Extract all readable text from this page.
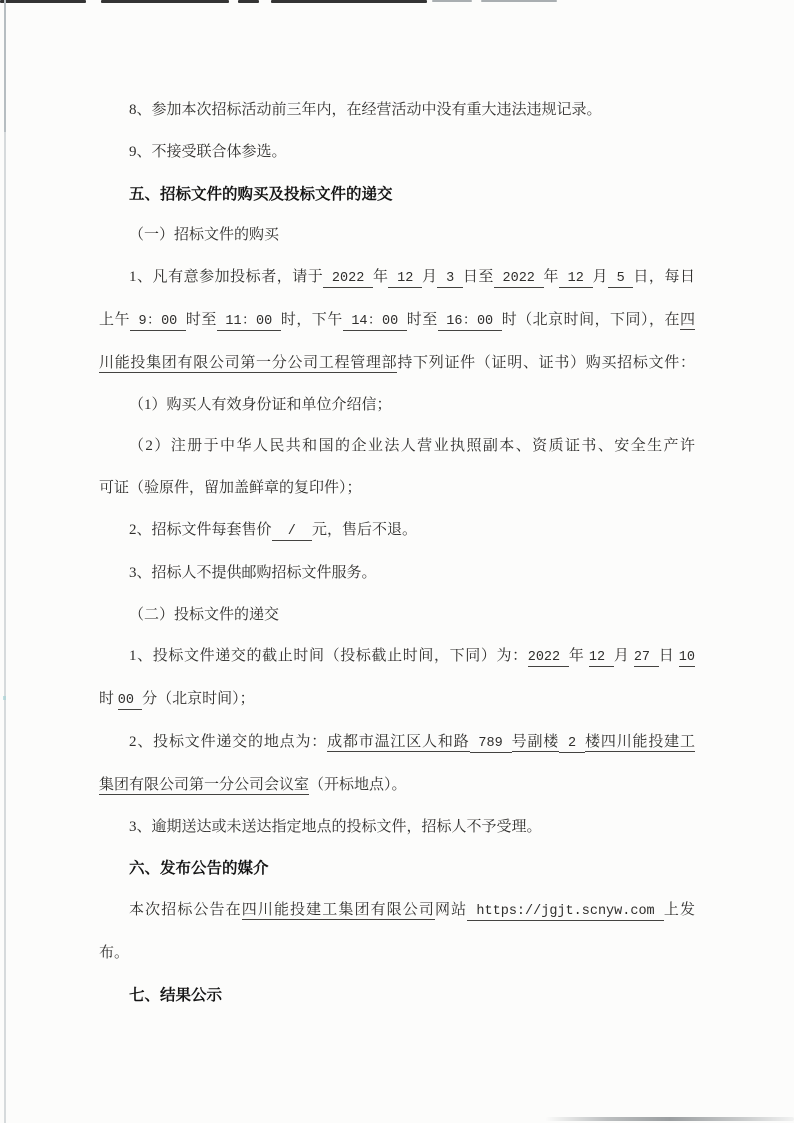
8、参加本次招标活动前三年内，在经营活动中没有重大违法违规记录。
9、不接受联合体参选。
五、招标文件的购买及投标文件的递交
（一）招标文件的购买
1、凡有意参加投标者，请于 2022 年 12 月 3 日至 2022 年 12 月 5 日，每日
上午 9：00 时至 11：00 时，下午 14：00 时至 16：00 时（北京时间，下同），在四
川能投集团有限公司第一分公司工程管理部持下列证件（证明、证书）购买招标文件：
（1）购买人有效身份证和单位介绍信；
（2）注册于中华人民共和国的企业法人营业执照副本、资质证书、安全生产许
可证（验原件，留加盖鲜章的复印件）；
2、招标文件每套售价  /  元，售后不退。
3、招标人不提供邮购招标文件服务。
（二）投标文件的递交
1、投标文件递交的截止时间（投标截止时间，下同）为：2022 年 12 月 27 日 10
时 00 分（北京时间）；
2、投标文件递交的地点为：成都市温江区人和路 789 号副楼 2 楼四川能投建工
集团有限公司第一分公司会议室（开标地点）。
3、逾期送达或未送达指定地点的投标文件，招标人不予受理。
六、发布公告的媒介
本次招标公告在四川能投建工集团有限公司网站 https://jgjt.scnyw.com 上发
布。
七、结果公示
